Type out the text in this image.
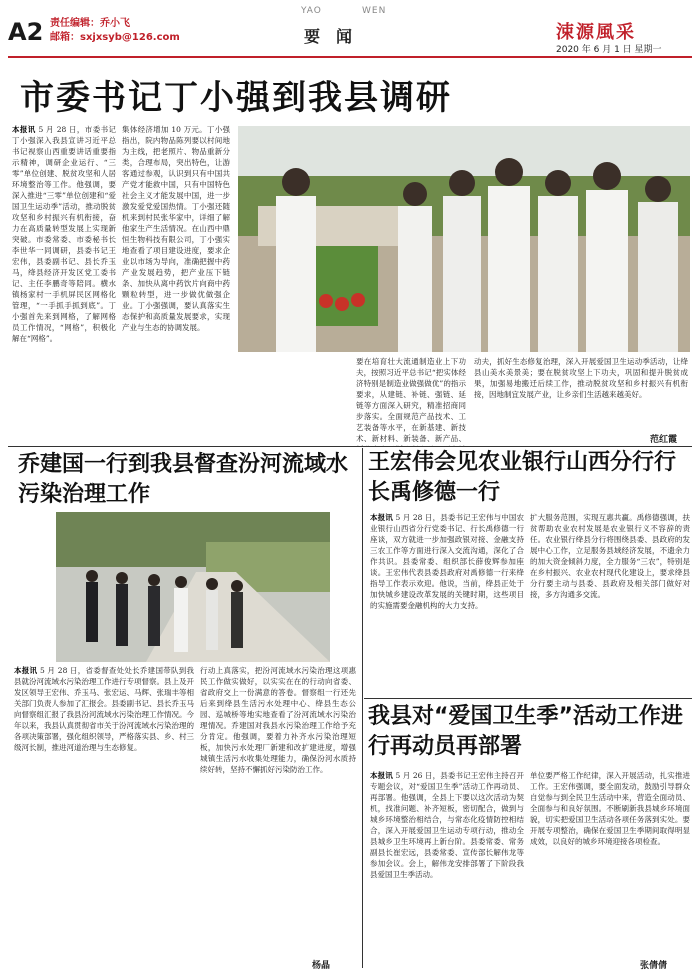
A2 责任编辑：乔小飞
邮箱：sxjxsyb@126.com
YAO	WEN
要闻	涑源風采
2020 年 6 月 1 日 星期一
市委书记丁小强到我县调研

本报讯 5 月 28 日，市委书记丁小强深入我县宣讲习近平总书记视察山西重要讲话重要指示精神，调研企业运行、“三零”单位创建、脱贫攻坚和人居环境整治等工作。他强调，要深入推进“三零”单位创建和“爱国卫生运动季”活动，推动脱贫攻坚和乡村振兴有机衔接，奋力在高质量转型发展上实现新突破。市委常委、市委秘书长李世华一同调研，县委书记王宏伟，县委副书记、县长乔玉马，绛县经济开发区党工委书记、主任李鹏奇等陪同。横水镇杨家村一手机屏民区网格化管理，“一手抓手抓到底”。丁小强首先来到网格，了解网格员工作情况，“网格”，积极化解在“网格”。

集体经济增加 10 万元。丁小强指出，院内物品陈列要以村间地为主线，把老照片、物品重新分类，合理布局，突出特色，让游客通过参观，认识到只有中国共产党才能救中国，只有中国特色社会主义才能发展中国，进一步激发爱党爱国热情。丁小强还随机来到村民张华家中，详细了解他家生产生活情况。在山西中鼎恒生物科技有限公司，丁小强实地查看了项目建设进度，要求企业以市场为导向，准确把握中药产业发展趋势，把产业压下链条、加快从离中药饮片向商中药颗粒转型，进一步做优做强企业。丁小强强调，要认真落实生态保护和高质量发展要求，实现产业与生态的协调发展。

要在培育壮大流通制造业上下功夫，按照习近平总书记“把实体经济特别是制造业做强做优”的指示要求，从建链、补链、强链、延链等方面深入研究，精准招商同步落实。全面规范产品技术、工艺装备等水平，在新基建、新技术、新材料、新装备、新产品、

动夫，抓好生态修复治理，深入开展爱国卫生运动季活动，让绛县山美水美景美；要在脱贫攻坚上下功夫，巩固和提升脱贫成果，加强易地搬迁后续工作，推动脱贫攻坚和乡村振兴有机衔接，因地制宜发展产业，让乡亲们生活越来越美好。

范红霞
乔建国一行到我县督查汾河流域水污染治理工作

本报讯 5 月 28 日，省委督查处处长乔建国带队到我县就汾河流域水污染治理工作进行专项督察。县上及开发区领导王宏伟、乔玉马、张宏运、马辉、张瑞丰等相关部门负责人参加了汇报会。县委副书记、县长乔玉马向督察组汇报了我县汾河流域水污染治理工作情况。今年以来，我县认真贯彻省市关于汾河流域水污染治理的各项决策部署，强化组织领导，严格落实县、乡、村三级河长制，推进河道治理与生态修复。

行动上真落实，把汾河流域水污染治理这项惠民工作做实做好，以实实在在的行动向省委、省政府交上一份满意的答卷。督察组一行还先后来到绛县生活污水处理中心、绛县生态公园、巡城桥等地实地查看了汾河流域水污染治理情况。乔建国对我县水污染治理工作给予充分肯定。他强调，要着力补齐水污染治理短板，加快污水处理厂新建和改扩建进度，增强城镇生活污水收集处理能力，确保汾河水质持续好转，坚持不懈抓好污染防治工作。

杨晶
王宏伟会见农业银行山西分行行长禹修德一行

本报讯 5 月 28 日，县委书记王宏伟与中国农业银行山西省分行党委书记、行长禹修德一行座谈，双方就进一步加强政银对接、金融支持三农工作等方面进行深入交流沟通，深化了合作共识。县委常委、组织部长薛俊辉参加座谈。王宏伟代表县委县政府对禹修德一行来绛指导工作表示欢迎。他说，当前，绛县正处于加快城乡建设改革发展的关键时期，这些项目的实施需要金融机构的大力支持。

扩大服务范围，实现互惠共赢。禹修德强调，扶贫帮助农业农村发展是农业银行义不容辞的责任。农业银行绛县分行将围绕县委、县政府的发展中心工作，立足服务县域经济发展，不遗余力的加大资金倾斜力度，全力服务“三农”，特别是在乡村振兴、农业农村现代化建设上，要求绛县分行要主动与县委、县政府及相关部门做好对接，多方沟通多交流。

我县对“爱国卫生季”活动工作进行再动员再部署

本报讯 5 月 26 日，县委书记王宏伟主持召开专题会议，对“爱国卫生季”活动工作再动员、再部署。他强调，全县上下要以这次活动为契机，找准问题、补齐短板，密切配合，做到与城乡环境整治相结合，与常态化疫情防控相结合，深入开展爱国卫生运动专项行动，推动全县城乡卫生环境再上新台阶。县委常委、常务副县长崔宏远，县委常委、宣传部长解伟龙等参加会议。会上，解伟龙安排部署了下阶段我县爱国卫生季活动。

单位要严格工作纪律，深入开展活动，扎实推进工作。王宏伟强调，要全面发动，鼓励引导群众自觉参与到全民卫生活动中来，营造全面动员、全面参与和良好氛围。不断刷新我县城乡环境面貌，切实把爱国卫生活动各项任务落到实处。要开展专项整治，确保在爱国卫生季期间取得明显成效，以良好的城乡环境迎接各项检查。

张倩倩
